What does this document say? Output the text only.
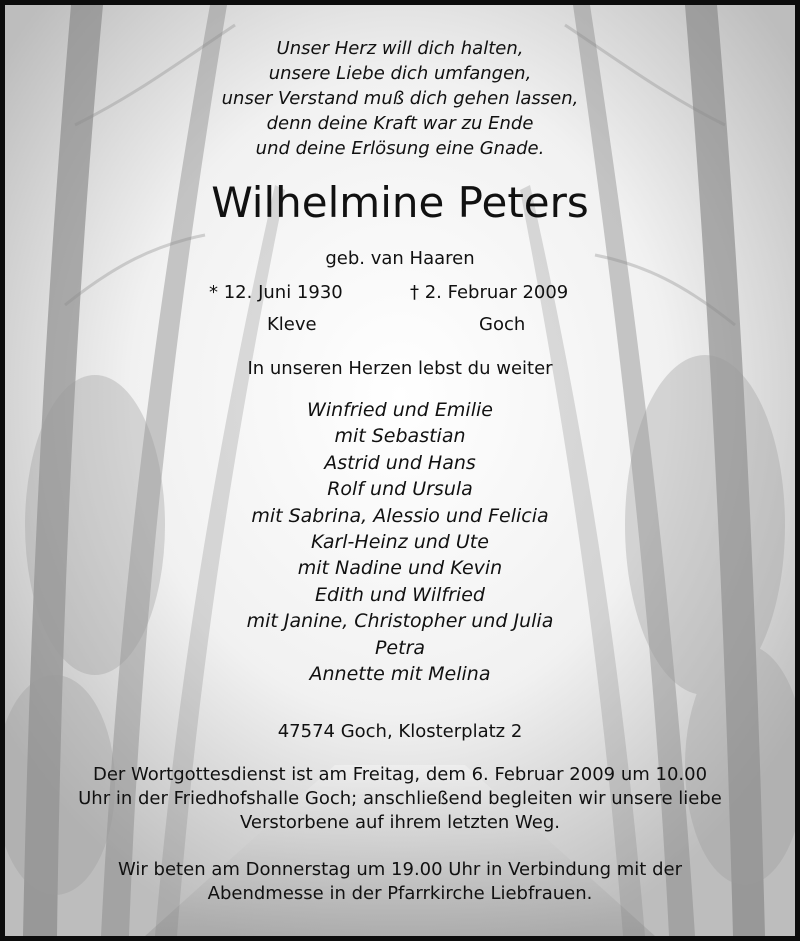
Unser Herz will dich halten,
unsere Liebe dich umfangen,
unser Verstand muß dich gehen lassen,
denn deine Kraft war zu Ende
und deine Erlösung eine Gnade.
Wilhelmine Peters
geb. van Haaren
* 12. Juni 1930	† 2. Februar 2009
Kleve	Goch
In unseren Herzen lebst du weiter
Winfried und Emilie
mit Sebastian
Astrid und Hans
Rolf und Ursula
mit Sabrina, Alessio und Felicia
Karl-Heinz und Ute
mit Nadine und Kevin
Edith und Wilfried
mit Janine, Christopher und Julia
Petra
Annette mit Melina
47574 Goch, Klosterplatz 2
Der Wortgottesdienst ist am Freitag, dem 6. Februar 2009 um 10.00
Uhr in der Friedhofshalle Goch; anschließend begleiten wir unsere liebe
Verstorbene auf ihrem letzten Weg.
Wir beten am Donnerstag um 19.00 Uhr in Verbindung mit der
Abendmesse in der Pfarrkirche Liebfrauen.
